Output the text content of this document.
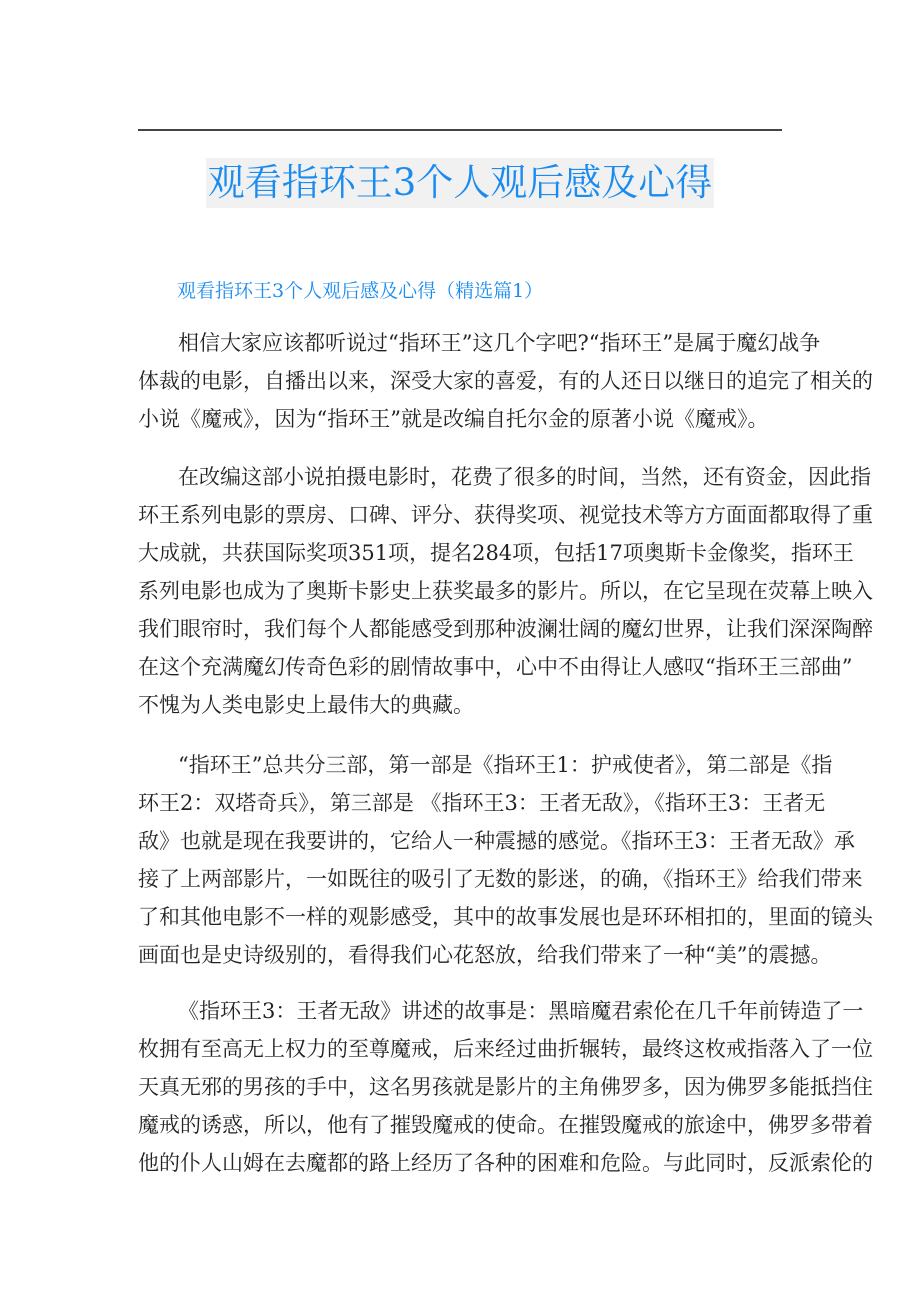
观看指环王3个人观后感及心得
观看指环王3个人观后感及心得（精选篇1）
相信大家应该都听说过“指环王”这几个字吧?“指环王”是属于魔幻战争
体裁的电影，自播出以来，深受大家的喜爱，有的人还日以继日的追完了相关的
小说《魔戒》，因为“指环王”就是改编自托尔金的原著小说《魔戒》。
在改编这部小说拍摄电影时，花费了很多的时间，当然，还有资金，因此指
环王系列电影的票房、口碑、评分、获得奖项、视觉技术等方方面面都取得了重
大成就，共获国际奖项351项，提名284项，包括17项奥斯卡金像奖，指环王
系列电影也成为了奥斯卡影史上获奖最多的影片。所以，在它呈现在荧幕上映入
我们眼帘时，我们每个人都能感受到那种波澜壮阔的魔幻世界，让我们深深陶醉
在这个充满魔幻传奇色彩的剧情故事中，心中不由得让人感叹“指环王三部曲”
不愧为人类电影史上最伟大的典藏。
“指环王”总共分三部，第一部是《指环王1：护戒使者》，第二部是《指
环王2：双塔奇兵》，第三部是 《指环王3：王者无敌》，《指环王3：王者无
敌》也就是现在我要讲的，它给人一种震撼的感觉。《指环王3：王者无敌》承
接了上两部影片，一如既往的吸引了无数的影迷，的确，《指环王》给我们带来
了和其他电影不一样的观影感受，其中的故事发展也是环环相扣的，里面的镜头
画面也是史诗级别的，看得我们心花怒放，给我们带来了一种“美”的震撼。
《指环王3：王者无敌》讲述的故事是：黑暗魔君索伦在几千年前铸造了一
枚拥有至高无上权力的至尊魔戒，后来经过曲折辗转，最终这枚戒指落入了一位
天真无邪的男孩的手中，这名男孩就是影片的主角佛罗多，因为佛罗多能抵挡住
魔戒的诱惑，所以，他有了摧毁魔戒的使命。在摧毁魔戒的旅途中，佛罗多带着
他的仆人山姆在去魔都的路上经历了各种的困难和危险。与此同时，反派索伦的
